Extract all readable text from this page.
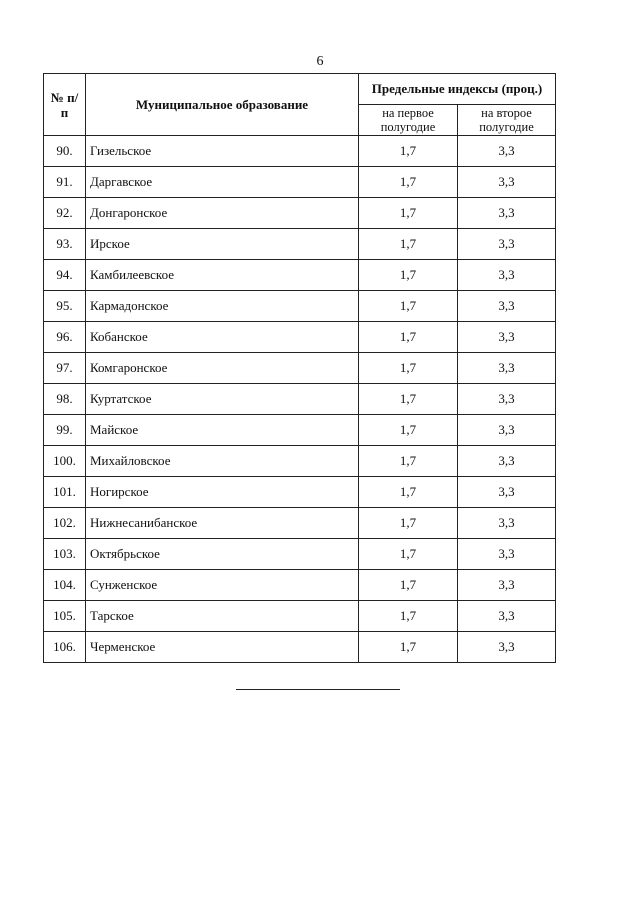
6
№ п/п	Муниципальное образование	Предельные индексы (проц.)	
		на первое полугодие	на второе полугодие
90.	Гизельское	1,7	3,3
91.	Даргавское	1,7	3,3
92.	Донгаронское	1,7	3,3
93.	Ирское	1,7	3,3
94.	Камбилеевское	1,7	3,3
95.	Кармадонское	1,7	3,3
96.	Кобанское	1,7	3,3
97.	Комгаронское	1,7	3,3
98.	Куртатское	1,7	3,3
99.	Майское	1,7	3,3
100.	Михайловское	1,7	3,3
101.	Ногирское	1,7	3,3
102.	Нижнесанибанское	1,7	3,3
103.	Октябрьское	1,7	3,3
104.	Сунженское	1,7	3,3
105.	Тарское	1,7	3,3
106.	Черменское	1,7	3,3
